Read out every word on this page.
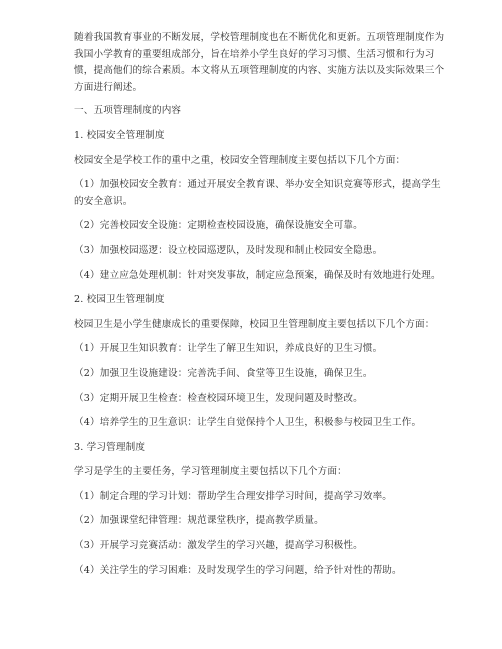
随着我国教育事业的不断发展，学校管理制度也在不断优化和更新。五项管理制度作为我国小学教育的重要组成部分，旨在培养小学生良好的学习习惯、生活习惯和行为习惯，提高他们的综合素质。本文将从五项管理制度的内容、实施方法以及实际效果三个方面进行阐述。

一、五项管理制度的内容

1. 校园安全管理制度

校园安全是学校工作的重中之重，校园安全管理制度主要包括以下几个方面：

（1）加强校园安全教育：通过开展安全教育课、举办安全知识竞赛等形式，提高学生的安全意识。

（2）完善校园安全设施：定期检查校园设施，确保设施安全可靠。

（3）加强校园巡逻：设立校园巡逻队，及时发现和制止校园安全隐患。

（4）建立应急处理机制：针对突发事故，制定应急预案，确保及时有效地进行处理。

2. 校园卫生管理制度

校园卫生是小学生健康成长的重要保障，校园卫生管理制度主要包括以下几个方面：

（1）开展卫生知识教育：让学生了解卫生知识，养成良好的卫生习惯。

（2）加强卫生设施建设：完善洗手间、食堂等卫生设施，确保卫生。

（3）定期开展卫生检查：检查校园环境卫生，发现问题及时整改。

（4）培养学生的卫生意识：让学生自觉保持个人卫生，积极参与校园卫生工作。

3. 学习管理制度

学习是学生的主要任务，学习管理制度主要包括以下几个方面：

（1）制定合理的学习计划：帮助学生合理安排学习时间，提高学习效率。

（2）加强课堂纪律管理：规范课堂秩序，提高教学质量。

（3）开展学习竞赛活动：激发学生的学习兴趣，提高学习积极性。

（4）关注学生的学习困难：及时发现学生的学习问题，给予针对性的帮助。
